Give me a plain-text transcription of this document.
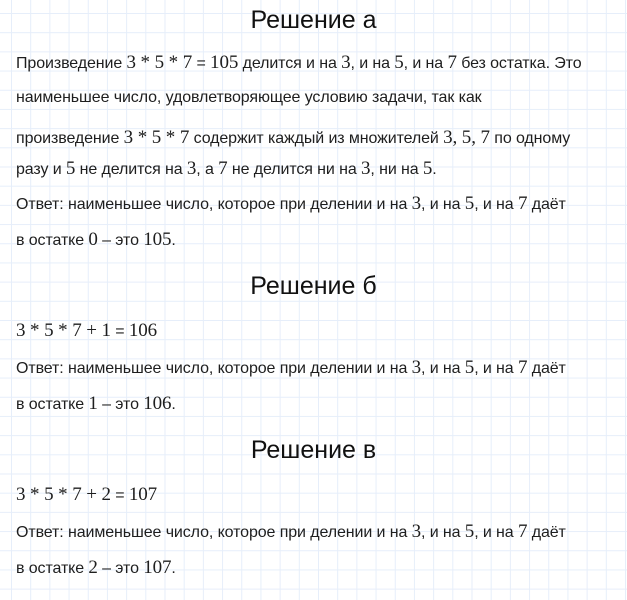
Решение а
Произведение 3 * 5 * 7 = 105 делится и на 3, и на 5, и на 7 без остатка. Это
наименьшее число, удовлетворяющее условию задачи, так как
произведение 3 * 5 * 7 содержит каждый из множителей 3, 5, 7 по одному
разу и 5 не делится на 3, а 7 не делится ни на 3, ни на 5.
Ответ: наименьшее число, которое при делении и на 3, и на 5, и на 7 даёт
в остатке 0 – это 105.
Решение б
3 * 5 * 7 + 1 = 106
Ответ: наименьшее число, которое при делении и на 3, и на 5, и на 7 даёт
в остатке 1 – это 106.
Решение в
3 * 5 * 7 + 2 = 107
Ответ: наименьшее число, которое при делении и на 3, и на 5, и на 7 даёт
в остатке 2 – это 107.
